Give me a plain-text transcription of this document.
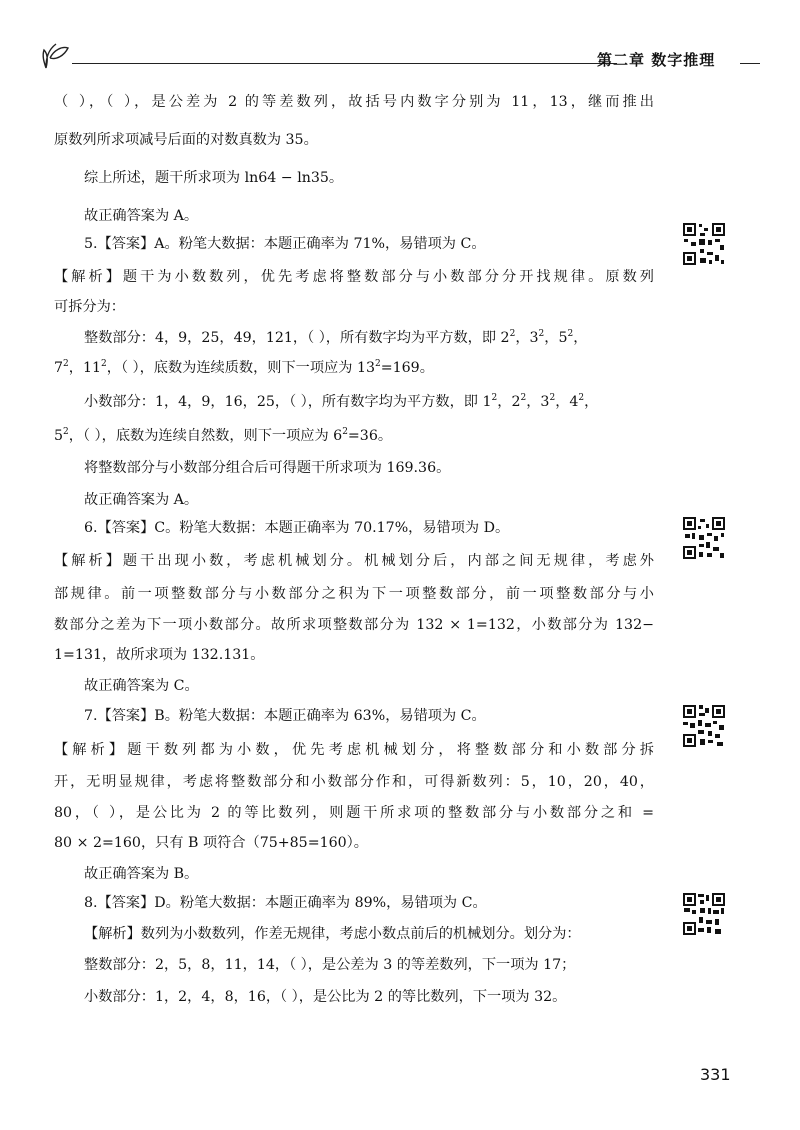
第二章 数字推理
（ ），（ ），是公差为 2 的等差数列，故括号内数字分别为 11，13，继而推出
原数列所求项减号后面的对数真数为 35。
综上所述，题干所求项为 ln64 − ln35。
故正确答案为 A。
5.【答案】A。粉笔大数据：本题正确率为 71%，易错项为 C。
【解析】题干为小数数列，优先考虑将整数部分与小数部分分开找规律。原数列
可拆分为：
整数部分：4，9，25，49，121，（ ），所有数字均为平方数，即 $2^2$，$3^2$，$5^2$，
$7^2$，$11^2$，（ ），底数为连续质数，则下一项应为 $13^2=169$。
小数部分：1，4，9，16，25，（ ），所有数字均为平方数，即 $1^2$，$2^2$，$3^2$，$4^2$，
$5^2$，（ ），底数为连续自然数，则下一项应为 $6^2=36$。
将整数部分与小数部分组合后可得题干所求项为 169.36。
故正确答案为 A。
6.【答案】C。粉笔大数据：本题正确率为 70.17%，易错项为 D。
【解析】题干出现小数，考虑机械划分。机械划分后，内部之间无规律，考虑外
部规律。前一项整数部分与小数部分之积为下一项整数部分，前一项整数部分与小
数部分之差为下一项小数部分。故所求项整数部分为 132 × 1=132，小数部分为 132−
1=131，故所求项为 132.131。
故正确答案为 C。
7.【答案】B。粉笔大数据：本题正确率为 63%，易错项为 C。
【解析】题干数列都为小数，优先考虑机械划分，将整数部分和小数部分拆
开，无明显规律，考虑将整数部分和小数部分作和，可得新数列：5，10，20，40，
80，（ ），是公比为 2 的等比数列，则题干所求项的整数部分与小数部分之和 =
80 × 2=160，只有 B 项符合（75+85=160）。
故正确答案为 B。
8.【答案】D。粉笔大数据：本题正确率为 89%，易错项为 C。
【解析】数列为小数数列，作差无规律，考虑小数点前后的机械划分。划分为：
整数部分：2，5，8，11，14，（ ），是公差为 3 的等差数列，下一项为 17；
小数部分：1，2，4，8，16，（ ），是公比为 2 的等比数列，下一项为 32。
331
